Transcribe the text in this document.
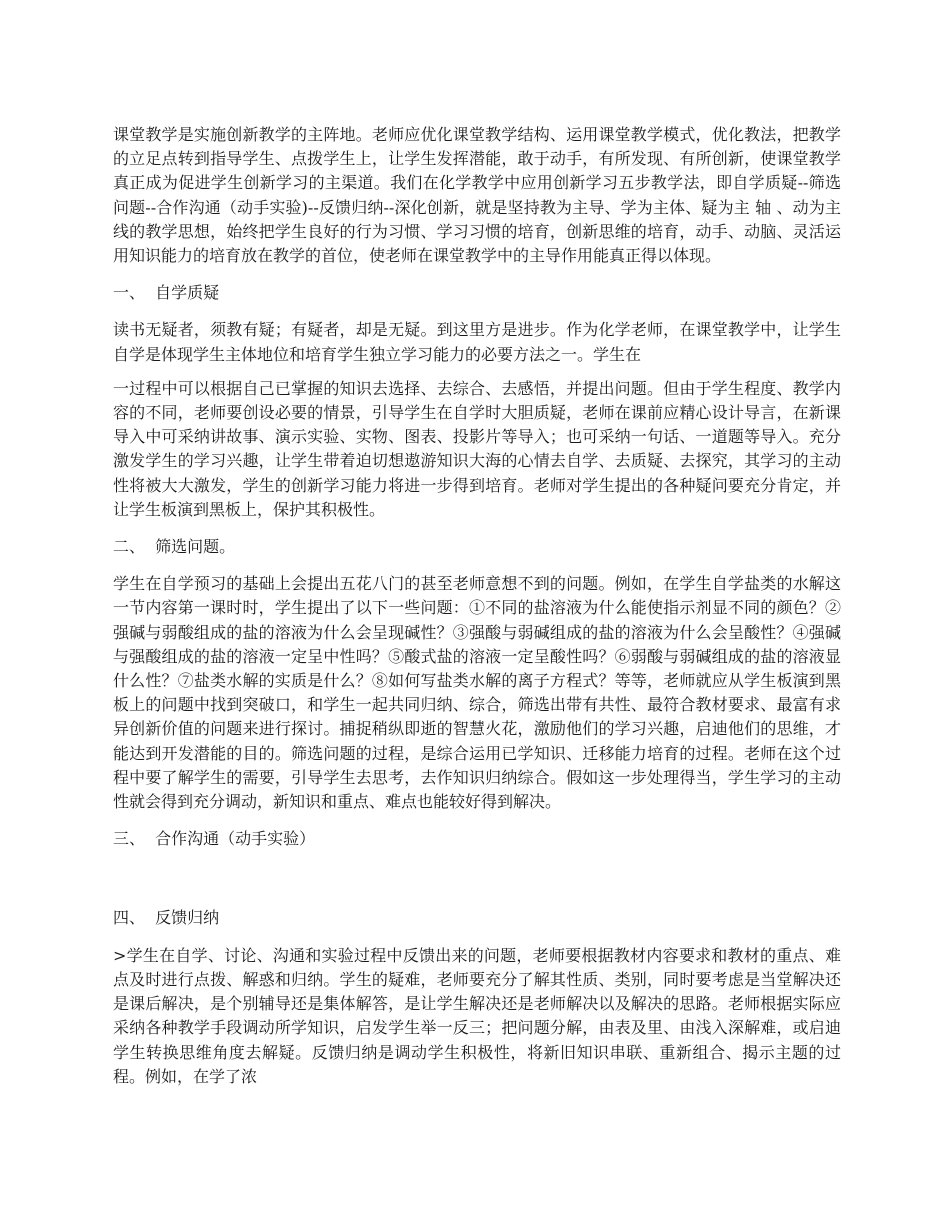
课堂教学是实施创新教学的主阵地。老师应优化课堂教学结构、运用课堂教学模式，优化教法，把教学的立足点转到指导学生、点拨学生上，让学生发挥潜能，敢于动手，有所发现、有所创新，使课堂教学真正成为促进学生创新学习的主渠道。我们在化学教学中应用创新学习五步教学法，即自学质疑--筛选问题--合作沟通（动手实验)--反馈归纳--深化创新，就是坚持教为主导、学为主体、疑为主 轴 、动为主线的教学思想，始终把学生良好的行为习惯、学习习惯的培育，创新思维的培育，动手、动脑、灵活运用知识能力的培育放在教学的首位，使老师在课堂教学中的主导作用能真正得以体现。

一、  自学质疑

读书无疑者，须教有疑；有疑者，却是无疑。到这里方是进步。作为化学老师，在课堂教学中，让学生自学是体现学生主体地位和培育学生独立学习能力的必要方法之一。学生在

一过程中可以根据自己已掌握的知识去选择、去综合、去感悟，并提出问题。但由于学生程度、教学内容的不同，老师要创设必要的情景，引导学生在自学时大胆质疑，老师在课前应精心设计导言，在新课导入中可采纳讲故事、演示实验、实物、图表、投影片等导入；也可采纳一句话、一道题等导入。充分激发学生的学习兴趣，让学生带着迫切想遨游知识大海的心情去自学、去质疑、去探究，其学习的主动性将被大大激发，学生的创新学习能力将进一步得到培育。老师对学生提出的各种疑问要充分肯定，并让学生板演到黑板上，保护其积极性。

二、  筛选问题。

学生在自学预习的基础上会提出五花八门的甚至老师意想不到的问题。例如，在学生自学盐类的水解这一节内容第一课时时，学生提出了以下一些问题：①不同的盐溶液为什么能使指示剂显不同的颜色？②强碱与弱酸组成的盐的溶液为什么会呈现碱性？③强酸与弱碱组成的盐的溶液为什么会呈酸性？④强碱与强酸组成的盐的溶液一定呈中性吗？⑤酸式盐的溶液一定呈酸性吗？⑥弱酸与弱碱组成的盐的溶液显什么性？⑦盐类水解的实质是什么？⑧如何写盐类水解的离子方程式？等等，老师就应从学生板演到黑板上的问题中找到突破口，和学生一起共同归纳、综合，筛选出带有共性、最符合教材要求、最富有求异创新价值的问题来进行探讨。捕捉稍纵即逝的智慧火花，激励他们的学习兴趣，启迪他们的思维，才能达到开发潜能的目的。筛选问题的过程，是综合运用已学知识、迁移能力培育的过程。老师在这个过程中要了解学生的需要，引导学生去思考，去作知识归纳综合。假如这一步处理得当，学生学习的主动性就会得到充分调动，新知识和重点、难点也能较好得到解决。

三、  合作沟通（动手实验）

四、  反馈归纳

>学生在自学、讨论、沟通和实验过程中反馈出来的问题，老师要根据教材内容要求和教材的重点、难点及时进行点拨、解惑和归纳。学生的疑难，老师要充分了解其性质、类别，同时要考虑是当堂解决还是课后解决，是个别辅导还是集体解答，是让学生解决还是老师解决以及解决的思路。老师根据实际应采纳各种教学手段调动所学知识，启发学生举一反三；把问题分解，由表及里、由浅入深解难，或启迪学生转换思维角度去解疑。反馈归纳是调动学生积极性，将新旧知识串联、重新组合、揭示主题的过程。例如，在学了浓
